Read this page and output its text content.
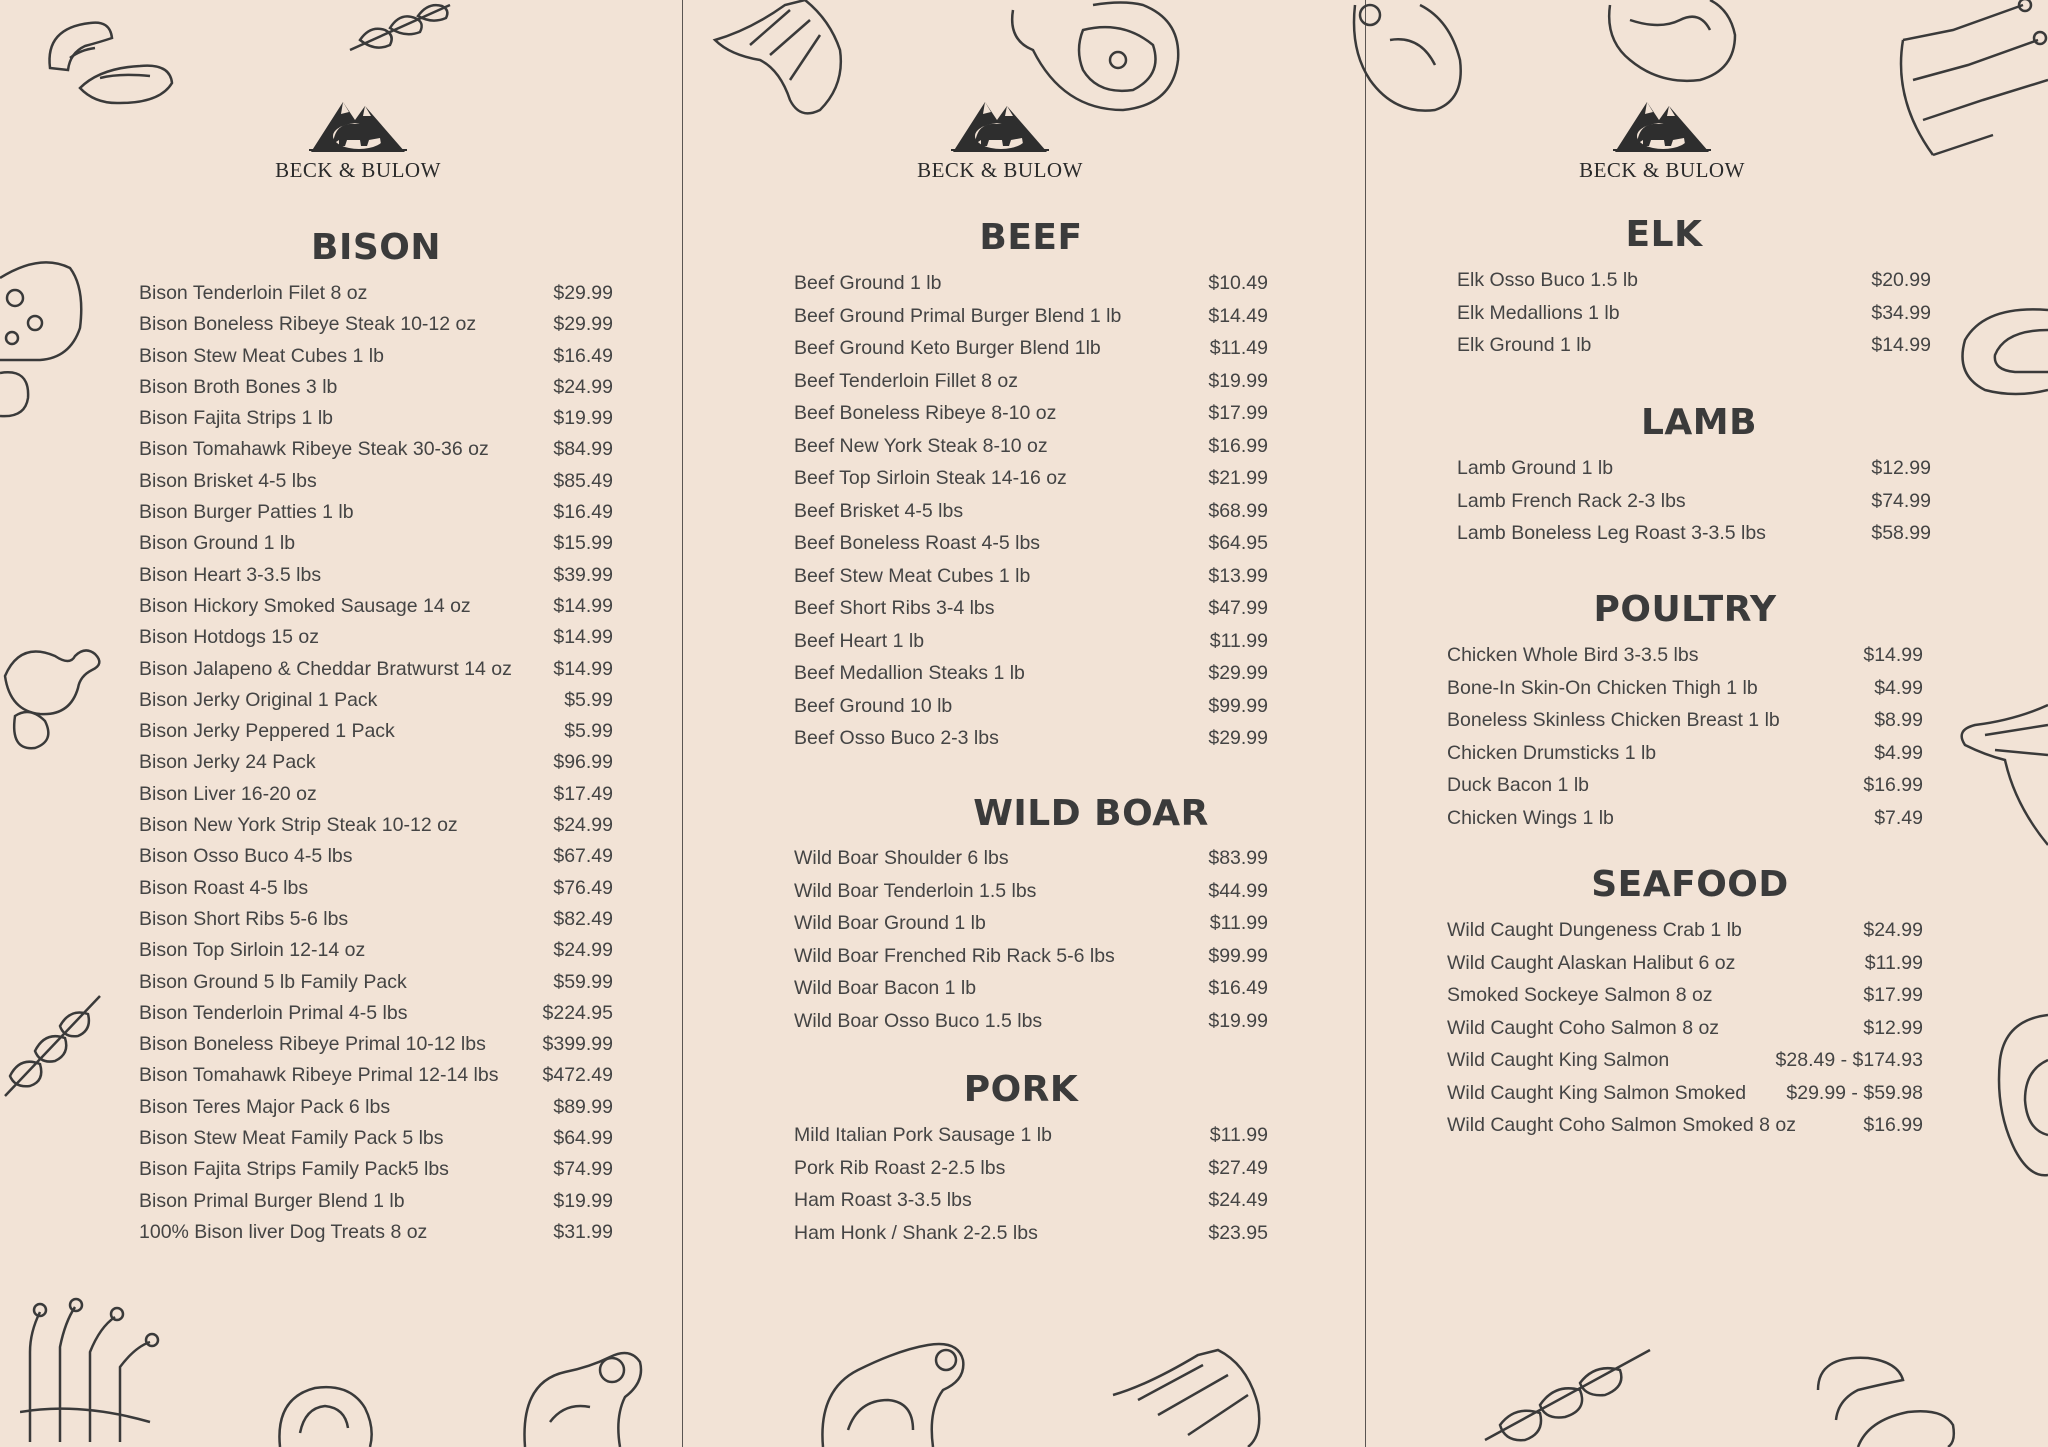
BECK & BULOW	BECK & BULOW	BECK & BULOW
BISON
Bison Tenderloin Filet 8 oz	$29.99
Bison Boneless Ribeye Steak 10-12 oz	$29.99
Bison Stew Meat Cubes 1 lb	$16.49
Bison Broth Bones 3 lb	$24.99
Bison Fajita Strips 1 lb	$19.99
Bison Tomahawk Ribeye Steak 30-36 oz	$84.99
Bison Brisket 4-5 lbs	$85.49
Bison Burger Patties 1 lb	$16.49
Bison Ground 1 lb	$15.99
Bison Heart 3-3.5 lbs	$39.99
Bison Hickory Smoked Sausage 14 oz	$14.99
Bison Hotdogs 15 oz	$14.99
Bison Jalapeno & Cheddar Bratwurst 14 oz $14.99
Bison Jerky Original 1 Pack	$5.99
Bison Jerky Peppered 1 Pack	$5.99
Bison Jerky 24 Pack	$96.99
Bison Liver 16-20 oz	$17.49
Bison New York Strip Steak 10-12 oz	$24.99
Bison Osso Buco 4-5 lbs	$67.49
Bison Roast 4-5 lbs	$76.49
Bison Short Ribs 5-6 lbs	$82.49
Bison Top Sirloin 12-14 oz	$24.99
Bison Ground 5 lb Family Pack	$59.99
Bison Tenderloin Primal 4-5 lbs	$224.95
Bison Boneless Ribeye Primal 10-12 lbs	$399.99
Bison Tomahawk Ribeye Primal 12-14 lbs $472.49
Bison Teres Major Pack 6 lbs	$89.99
Bison Stew Meat Family Pack 5 lbs	$64.99
Bison Fajita Strips Family Pack5 lbs	$74.99
Bison Primal Burger Blend 1 lb	$19.99
100% Bison liver Dog Treats 8 oz	$31.99
BEEF
Beef Ground 1 lb	$10.49
Beef Ground Primal Burger Blend 1 lb	$14.49
Beef Ground Keto Burger Blend 1lb	$11.49
Beef Tenderloin Fillet 8 oz	$19.99
Beef Boneless Ribeye 8-10 oz	$17.99
Beef New York Steak 8-10 oz	$16.99
Beef Top Sirloin Steak 14-16 oz	$21.99
Beef Brisket 4-5 lbs	$68.99
Beef Boneless Roast 4-5 lbs	$64.95
Beef Stew Meat Cubes 1 lb	$13.99
Beef Short Ribs 3-4 lbs	$47.99
Beef Heart 1 lb	$11.99
Beef Medallion Steaks 1 lb	$29.99
Beef Ground 10 lb	$99.99
Beef Osso Buco 2-3 lbs	$29.99
WILD BOAR
Wild Boar Shoulder 6 lbs	$83.99
Wild Boar Tenderloin 1.5 lbs	$44.99
Wild Boar Ground 1 lb	$11.99
Wild Boar Frenched Rib Rack 5-6 lbs	$99.99
Wild Boar Bacon 1 lb	$16.49
Wild Boar Osso Buco 1.5 lbs	$19.99
PORK
Mild Italian Pork Sausage 1 lb	$11.99
Pork Rib Roast 2-2.5 lbs	$27.49
Ham Roast 3-3.5 lbs	$24.49
Ham Honk / Shank 2-2.5 lbs	$23.95
ELK
Elk Osso Buco 1.5 lb	$20.99
Elk Medallions 1 lb	$34.99
Elk Ground 1 lb	$14.99
LAMB
Lamb Ground 1 lb	$12.99
Lamb French Rack 2-3 lbs	$74.99
Lamb Boneless Leg Roast 3-3.5 lbs	$58.99
POULTRY
Chicken Whole Bird 3-3.5 lbs	$14.99
Bone-In Skin-On Chicken Thigh 1 lb	$4.99
Boneless Skinless Chicken Breast 1 lb	$8.99
Chicken Drumsticks 1 lb	$4.99
Duck Bacon 1 lb	$16.99
Chicken Wings 1 lb	$7.49
SEAFOOD
Wild Caught Dungeness Crab 1 lb	$24.99
Wild Caught Alaskan Halibut 6 oz	$11.99
Smoked Sockeye Salmon 8 oz	$17.99
Wild Caught Coho Salmon 8 oz	$12.99
Wild Caught King Salmon	$28.49 - $174.93
Wild Caught King Salmon Smoked $29.99 - $59.98
Wild Caught Coho Salmon Smoked 8 oz	$16.99
